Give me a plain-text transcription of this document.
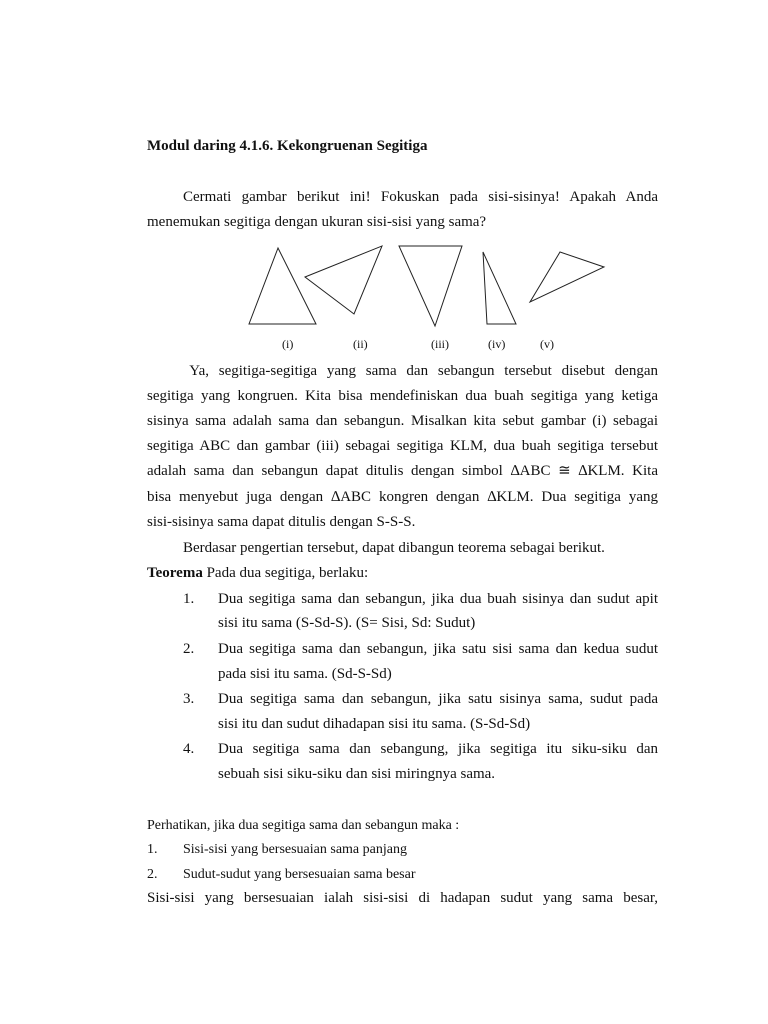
Modul daring 4.1.6. Kekongruenan Segitiga
Cermati gambar berikut ini! Fokuskan pada sisi-sisinya! Apakah Anda
menemukan segitiga dengan ukuran sisi-sisi yang sama?
(i)	(ii)	(iii)	(iv)	(v)
Ya, segitiga-segitiga yang sama dan sebangun tersebut disebut dengan
segitiga yang kongruen. Kita bisa mendefiniskan dua buah segitiga yang ketiga
sisinya sama adalah sama dan sebangun. Misalkan kita sebut gambar (i) sebagai
segitiga ABC dan gambar (iii) sebagai segitiga KLM, dua buah segitiga tersebut
adalah sama dan sebangun dapat ditulis dengan simbol ∆ABC ≅ ∆KLM. Kita
bisa menyebut juga dengan ∆ABC kongren dengan ∆KLM. Dua segitiga yang
sisi-sisinya sama dapat ditulis dengan S-S-S.
Berdasar pengertian tersebut, dapat dibangun teorema sebagai berikut.
Teorema Pada dua segitiga, berlaku:
1. Dua segitiga sama dan sebangun, jika dua buah sisinya dan sudut apit
sisi itu sama (S-Sd-S). (S= Sisi, Sd: Sudut)
2. Dua segitiga sama dan sebangun, jika satu sisi sama dan kedua sudut
pada sisi itu sama. (Sd-S-Sd)
3. Dua segitiga sama dan sebangun, jika satu sisinya sama, sudut pada
sisi itu dan sudut dihadapan sisi itu sama. (S-Sd-Sd)
4. Dua segitiga sama dan sebangung, jika segitiga itu siku-siku dan
sebuah sisi siku-siku dan sisi miringnya sama.
Perhatikan, jika dua segitiga sama dan sebangun maka :
1. Sisi-sisi yang bersesuaian sama panjang
2. Sudut-sudut yang bersesuaian sama besar
Sisi-sisi yang bersesuaian ialah sisi-sisi di hadapan sudut yang sama besar,
